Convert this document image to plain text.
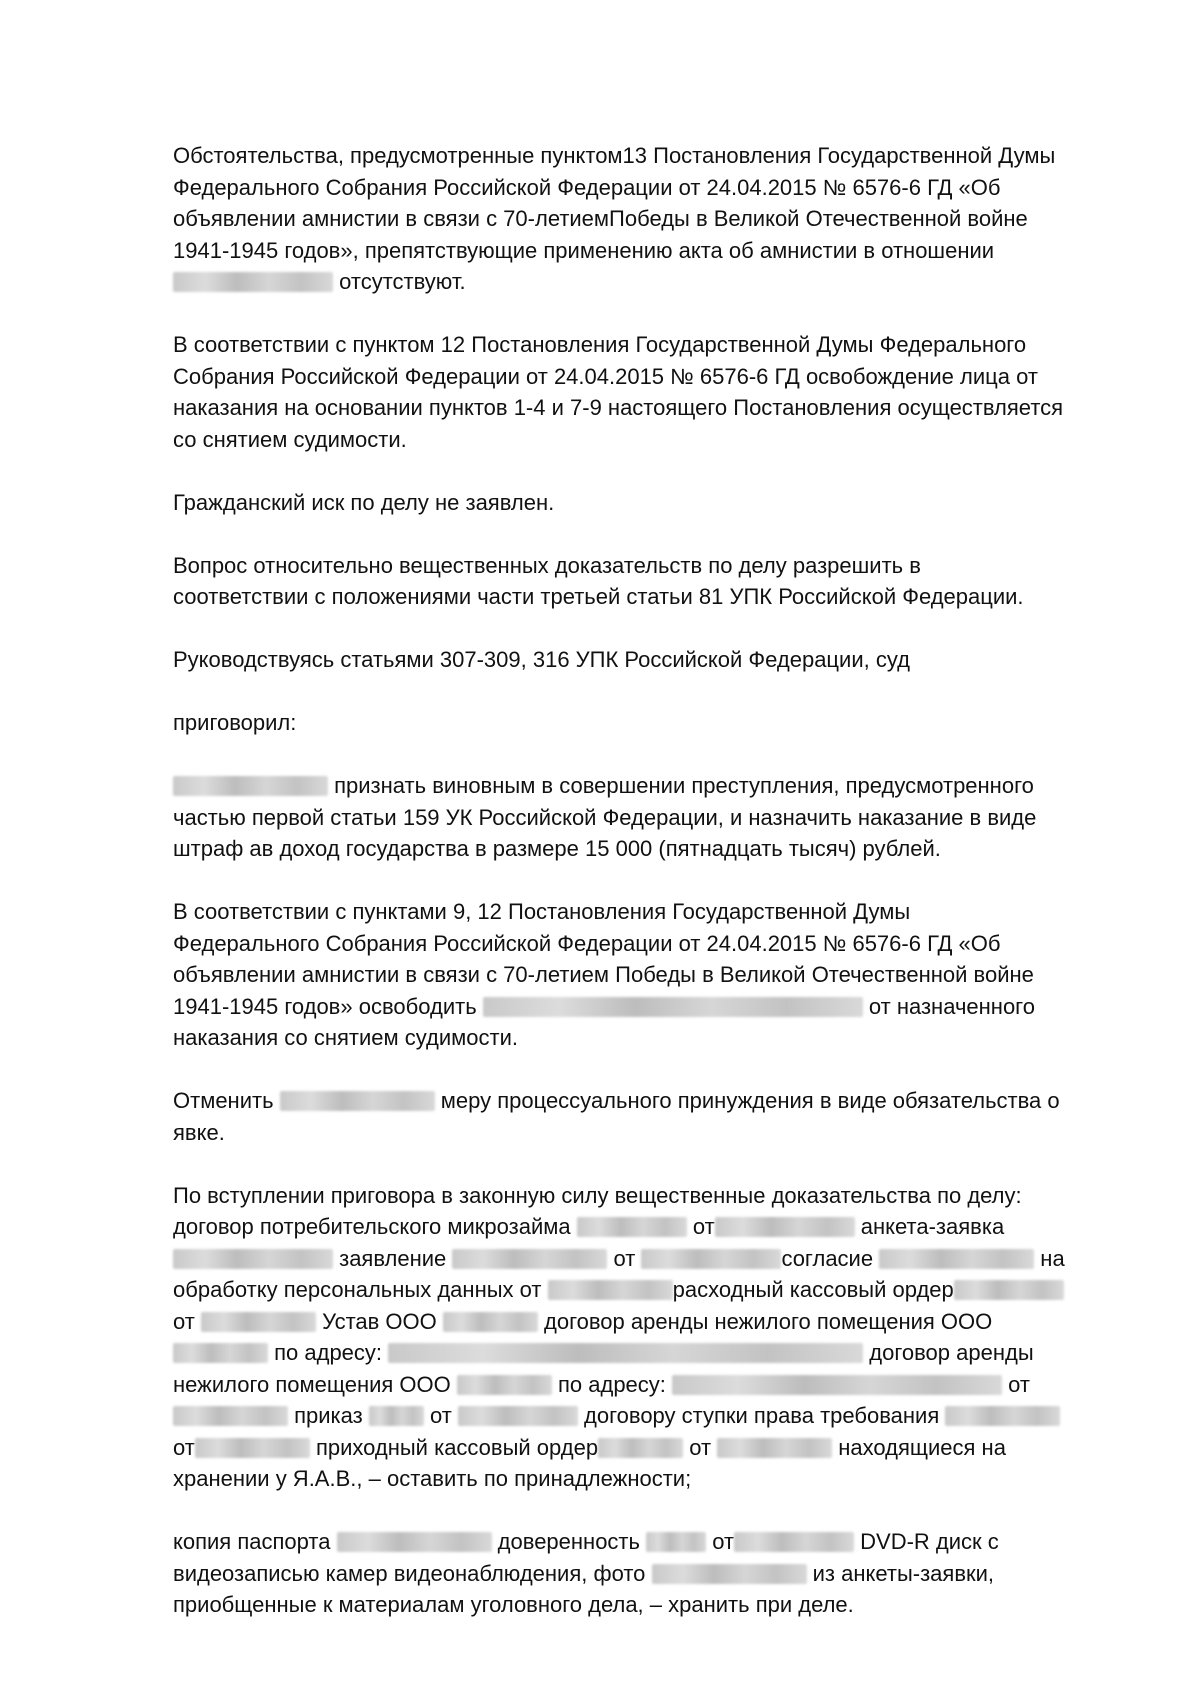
Обстоятельства, предусмотренные пунктом13 Постановления Государственной Думы
Федерального Собрания Российской Федерации от 24.04.2015 № 6576-6 ГД «Об
объявлении амнистии в связи с 70-летиемПобеды в Великой Отечественной войне
1941-1945 годов», препятствующие применению акта об амнистии в отношении
отсутствуют.
В соответствии с пунктом 12 Постановления Государственной Думы Федерального
Собрания Российской Федерации от 24.04.2015 № 6576-6 ГД освобождение лица от
наказания на основании пунктов 1-4 и 7-9 настоящего Постановления осуществляется
со снятием судимости.
Гражданский иск по делу не заявлен.
Вопрос относительно вещественных доказательств по делу разрешить в
соответствии с положениями части третьей статьи 81 УПК Российской Федерации.
Руководствуясь статьями 307-309, 316 УПК Российской Федерации, суд
приговорил:
признать виновным в совершении преступления, предусмотренного
частью первой статьи 159 УК Российской Федерации, и назначить наказание в виде
штраф ав доход государства в размере 15 000 (пятнадцать тысяч) рублей.
В соответствии с пунктами 9, 12 Постановления Государственной Думы
Федерального Собрания Российской Федерации от 24.04.2015 № 6576-6 ГД «Об
объявлении амнистии в связи с 70-летием Победы в Великой Отечественной войне
1941-1945 годов» освободить	от назначенного
наказания со снятием судимости.
Отменить	меру процессуального принуждения в виде обязательства о
явке.
По вступлении приговора в законную силу вещественные доказательства по делу:
договор потребительского микрозайма	от	анкета-заявка
заявление	от	согласие	на
обработку персональных данных от	расходный кассовый ордер
от	Устав ООО	договор аренды нежилого помещения ООО
по адресу:	договор аренды
нежилого помещения ООО	по адресу:	от
приказ	от	договору ступки права требования
от	приходный кассовый ордер	от	находящиеся на
хранении у Я.А.В., – оставить по принадлежности;
копия паспорта	доверенность	от	DVD-R диск с
видеозаписью камер видеонаблюдения, фото	из анкеты-заявки,
приобщенные к материалам уголовного дела, – хранить при деле.
